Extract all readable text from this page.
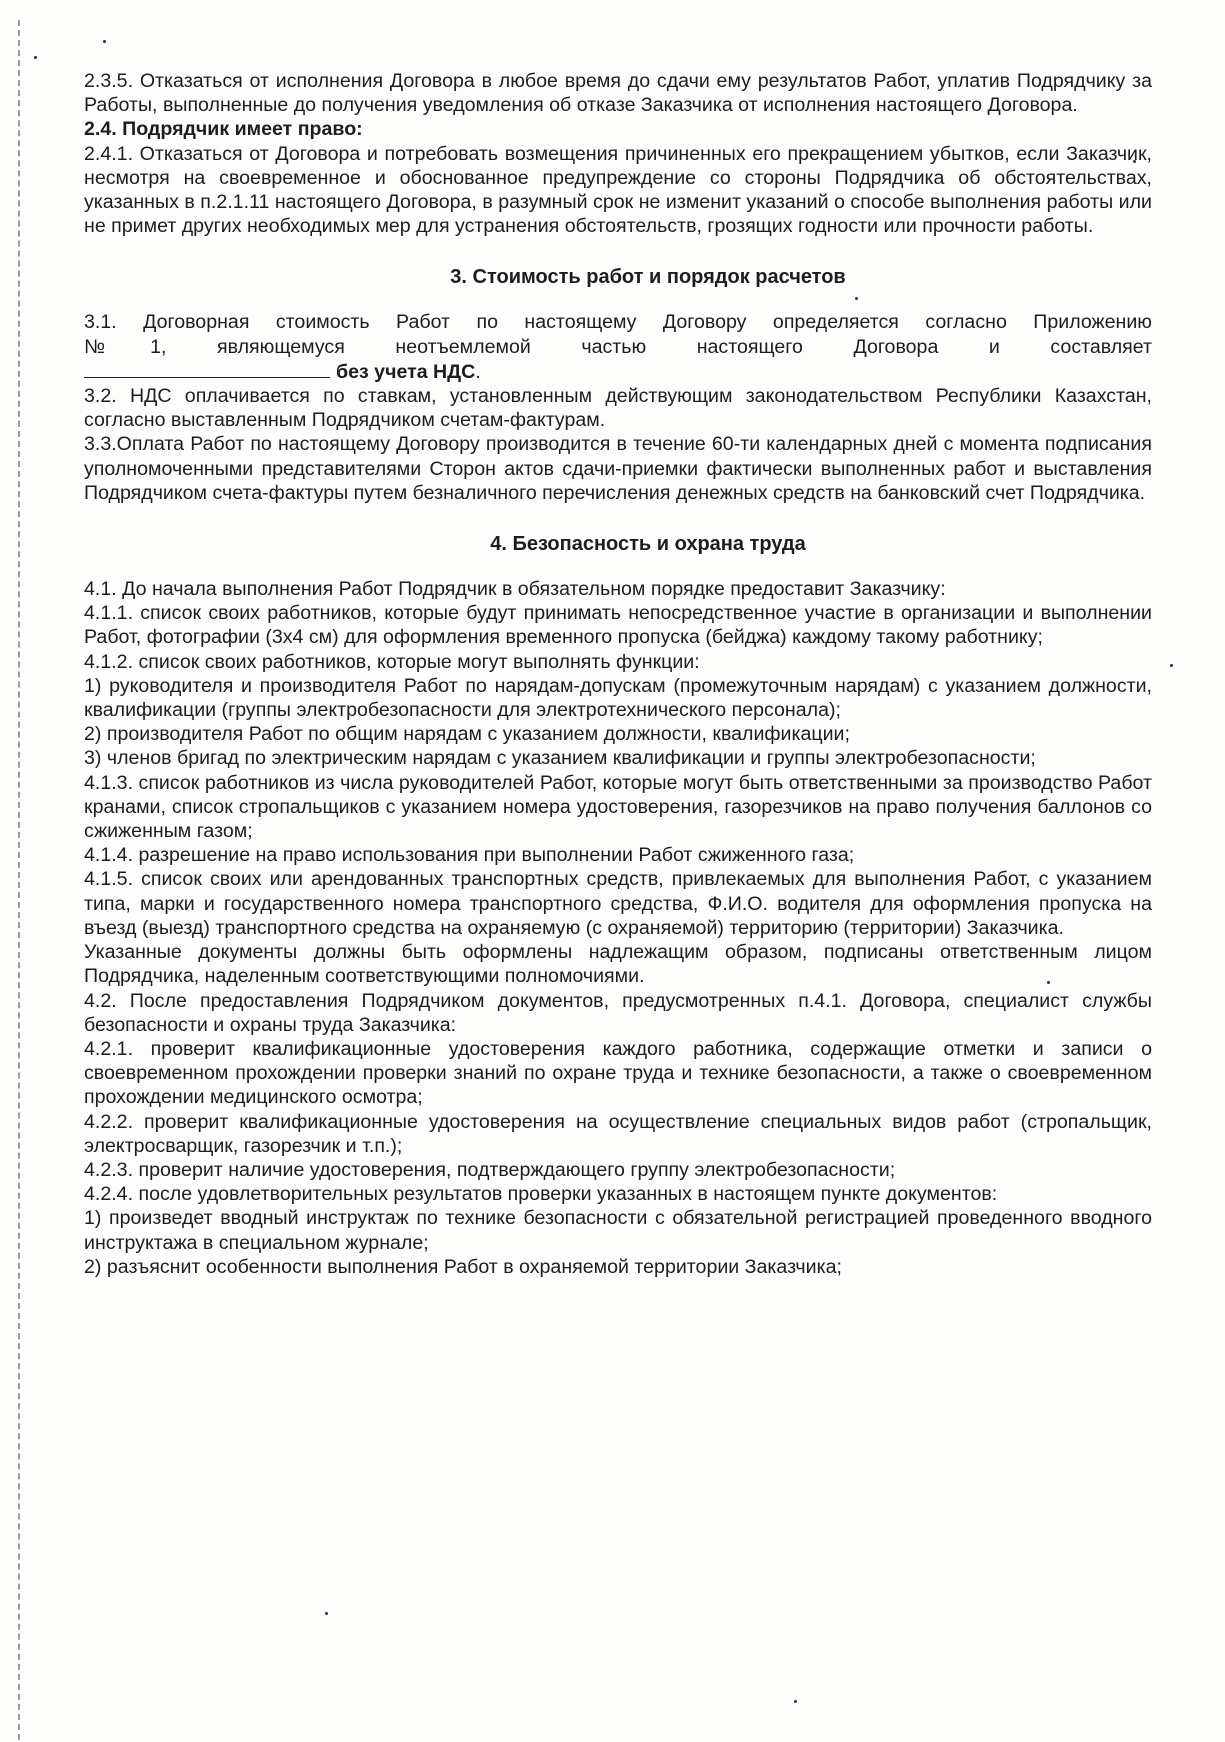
2.3.5. Отказаться от исполнения Договора в любое время до сдачи ему результатов Работ, уплатив Подрядчику за Работы, выполненные до получения уведомления об отказе Заказчика от исполнения настоящего Договора.

2.4. Подрядчик имеет право:

2.4.1. Отказаться от Договора и потребовать возмещения причиненных его прекращением убытков, если Заказчик, несмотря на своевременное и обоснованное предупреждение со стороны Подрядчика об обстоятельствах, указанных в п.2.1.11 настоящего Договора, в разумный срок не изменит указаний о способе выполнения работы или не примет других необходимых мер для устранения обстоятельств, грозящих годности или прочности работы.

3. Стоимость работ и порядок расчетов

3.1. Договорная стоимость Работ по настоящему Договору определяется согласно Приложению

№1, являющемуся неотъемлемой частью настоящего Договора и составляет

без учета НДС.

3.2. НДС оплачивается по ставкам, установленным действующим законодательством Республики Казахстан, согласно выставленным Подрядчиком счетам-фактурам.

3.3.Оплата Работ по настоящему Договору производится в течение 60-ти календарных дней с момента подписания уполномоченными представителями Сторон актов сдачи-приемки фактически выполненных работ и выставления Подрядчиком счета-фактуры путем безналичного перечисления денежных средств на банковский счет Подрядчика.

4. Безопасность и охрана труда

4.1. До начала выполнения Работ Подрядчик в обязательном порядке предоставит Заказчику:

4.1.1. список своих работников, которые будут принимать непосредственное участие в организации и выполнении Работ, фотографии (3х4 см) для оформления временного пропуска (бейджа) каждому такому работнику;

4.1.2. список своих работников, которые могут выполнять функции:

1) руководителя и производителя Работ по нарядам-допускам (промежуточным нарядам) с указанием должности, квалификации (группы электробезопасности для электротехнического персонала);

2) производителя Работ по общим нарядам с указанием должности, квалификации;

3) членов бригад по электрическим нарядам с указанием квалификации и группы электробезопасности;

4.1.3. список работников из числа руководителей Работ, которые могут быть ответственными за производство Работ кранами, список стропальщиков с указанием номера удостоверения, газорезчиков на право получения баллонов со сжиженным газом;

4.1.4. разрешение на право использования при выполнении Работ сжиженного газа;

4.1.5. список своих или арендованных транспортных средств, привлекаемых для выполнения Работ, с указанием типа, марки и государственного номера транспортного средства, Ф.И.О. водителя для оформления пропуска на въезд (выезд) транспортного средства на охраняемую (с охраняемой) территорию (территории) Заказчика.

Указанные документы должны быть оформлены надлежащим образом, подписаны ответственным лицом Подрядчика, наделенным соответствующими полномочиями.

4.2. После предоставления Подрядчиком документов, предусмотренных п.4.1. Договора, специалист службы безопасности и охраны труда Заказчика:

4.2.1. проверит квалификационные удостоверения каждого работника, содержащие отметки и записи о своевременном прохождении проверки знаний по охране труда и технике безопасности, а также о своевременном прохождении медицинского осмотра;

4.2.2. проверит квалификационные удостоверения на осуществление специальных видов работ (стропальщик, электросварщик, газорезчик и т.п.);

4.2.3. проверит наличие удостоверения, подтверждающего группу электробезопасности;

4.2.4. после удовлетворительных результатов проверки указанных в настоящем пункте документов:

1) произведет вводный инструктаж по технике безопасности с обязательной регистрацией проведенного вводного инструктажа в специальном журнале;

2) разъяснит особенности выполнения Работ в охраняемой территории Заказчика;
